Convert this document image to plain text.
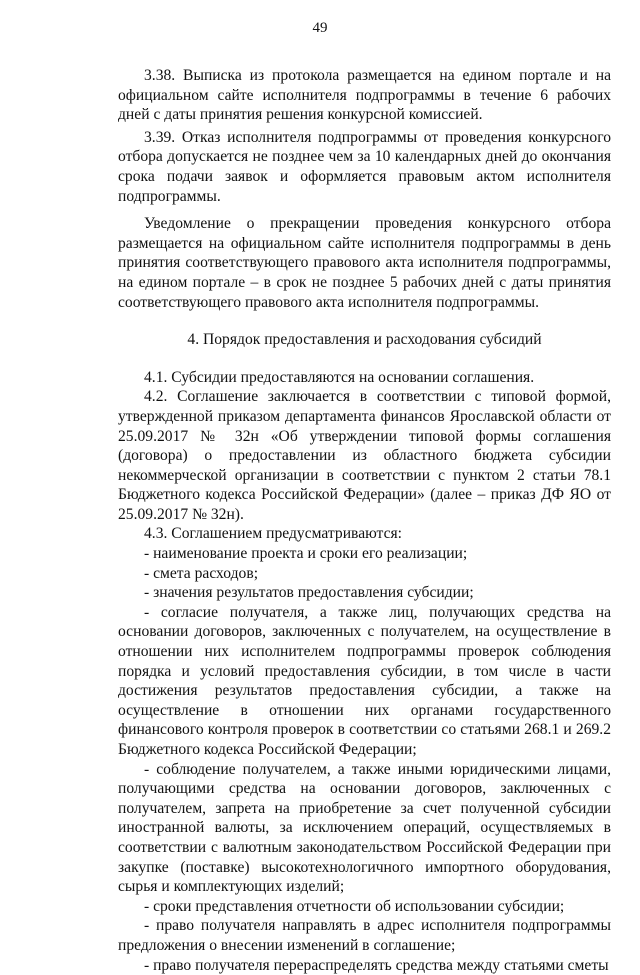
49

3.38. Выписка из протокола размещается на едином портале и на официальном сайте исполнителя подпрограммы в течение 6 рабочих дней с даты принятия решения конкурсной комиссией.

3.39. Отказ исполнителя подпрограммы от проведения конкурсного отбора допускается не позднее чем за 10 календарных дней до окончания срока подачи заявок и оформляется правовым актом исполнителя подпрограммы.

Уведомление о прекращении проведения конкурсного отбора размещается на официальном сайте исполнителя подпрограммы в день принятия соответствующего правового акта исполнителя подпрограммы, на едином портале – в срок не позднее 5 рабочих дней с даты принятия соответствующего правового акта исполнителя подпрограммы.

4. Порядок предоставления и расходования субсидий

4.1. Субсидии предоставляются на основании соглашения.

4.2. Соглашение заключается в соответствии с типовой формой, утвержденной приказом департамента финансов Ярославской области от 25.09.2017 № 32н «Об утверждении типовой формы соглашения (договора) о предоставлении из областного бюджета субсидии некоммерческой организации в соответствии с пунктом 2 статьи 78.1 Бюджетного кодекса Российской Федерации» (далее – приказ ДФ ЯО от 25.09.2017 № 32н).

4.3. Соглашением предусматриваются:

- наименование проекта и сроки его реализации;

- смета расходов;

- значения результатов предоставления субсидии;

- согласие получателя, а также лиц, получающих средства на основании договоров, заключенных с получателем, на осуществление в отношении них исполнителем подпрограммы проверок соблюдения порядка и условий предоставления субсидии, в том числе в части достижения результатов предоставления субсидии, а также на осуществление в отношении них органами государственного финансового контроля проверок в соответствии со статьями 268.1 и 269.2 Бюджетного кодекса Российской Федерации;

- соблюдение получателем, а также иными юридическими лицами, получающими средства на основании договоров, заключенных с получателем, запрета на приобретение за счет полученной субсидии иностранной валюты, за исключением операций, осуществляемых в соответствии с валютным законодательством Российской Федерации при закупке (поставке) высокотехнологичного импортного оборудования, сырья и комплектующих изделий;

- сроки представления отчетности об использовании субсидии;

- право получателя направлять в адрес исполнителя подпрограммы предложения о внесении изменений в соглашение;

- право получателя перераспределять средства между статьями сметы
